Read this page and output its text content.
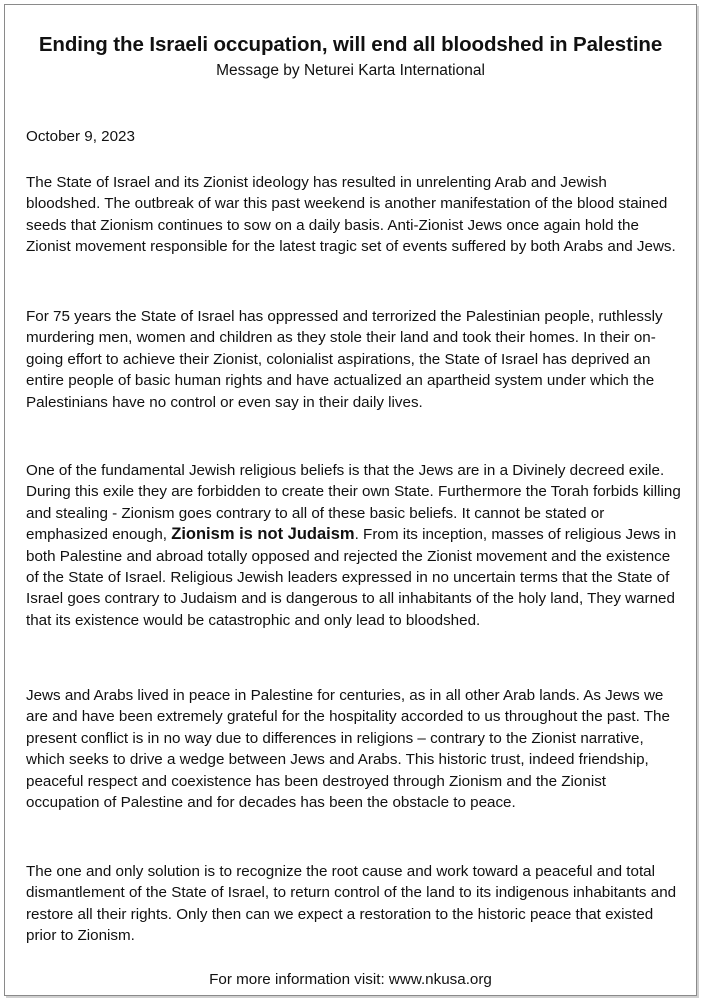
Ending the Israeli occupation, will end all bloodshed in Palestine
Message by Neturei Karta International
October 9, 2023
The State of Israel and its Zionist ideology has resulted in unrelenting Arab and Jewish bloodshed. The outbreak of war this past weekend is another manifestation of the blood stained seeds that Zionism continues to sow on a daily basis. Anti-Zionist Jews once again hold the Zionist movement responsible for the latest tragic set of events suffered by both Arabs and Jews.
For 75 years the State of Israel has oppressed and terrorized the Palestinian people, ruthlessly murdering men, women and children as they stole their land and took their homes. In their on-going effort to achieve their Zionist, colonialist aspirations, the State of Israel has deprived an entire people of basic human rights and have actualized an apartheid system under which the Palestinians have no control or even say in their daily lives.
One of the fundamental Jewish religious beliefs is that the Jews are in a Divinely decreed exile. During this exile they are forbidden to create their own State. Furthermore the Torah forbids killing and stealing - Zionism goes contrary to all of these basic beliefs. It cannot be stated or emphasized enough, Zionism is not Judaism. From its inception, masses of religious Jews in both Palestine and abroad totally opposed and rejected the Zionist movement and the existence of the State of Israel. Religious Jewish leaders expressed in no uncertain terms that the State of Israel goes contrary to Judaism and is dangerous to all inhabitants of the holy land, They warned that its existence would be catastrophic and only lead to bloodshed.
Jews and Arabs lived in peace in Palestine for centuries, as in all other Arab lands. As Jews we are and have been extremely grateful for the hospitality accorded to us throughout the past. The present conflict is in no way due to differences in religions – contrary to the Zionist narrative, which seeks to drive a wedge between Jews and Arabs. This historic trust, indeed friendship, peaceful respect and coexistence has been destroyed through Zionism and the Zionist occupation of Palestine and for decades has been the obstacle to peace.
The one and only solution is to recognize the root cause and work toward a peaceful and total dismantlement of the State of Israel, to return control of the land to its indigenous inhabitants and restore all their rights. Only then can we expect a restoration to the historic peace that existed prior to Zionism.
For more information visit: www.nkusa.org
